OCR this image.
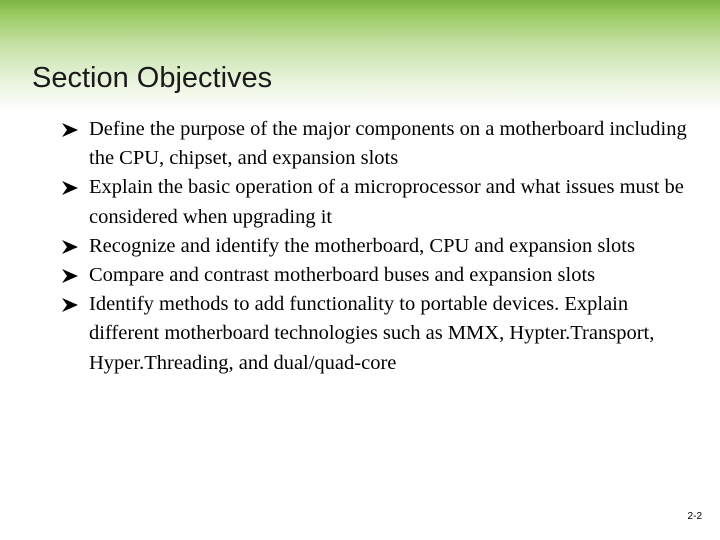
Section Objectives
Define the purpose of the major components on a motherboard including the CPU, chipset, and expansion slots
Explain the basic operation of a microprocessor and what issues must be considered when upgrading it
Recognize and identify the motherboard, CPU and expansion slots
Compare and contrast motherboard buses and expansion slots
Identify methods to add functionality to portable devices. Explain different motherboard technologies such as MMX, Hypter.Transport, Hyper.Threading, and dual/quad-core
2-2
